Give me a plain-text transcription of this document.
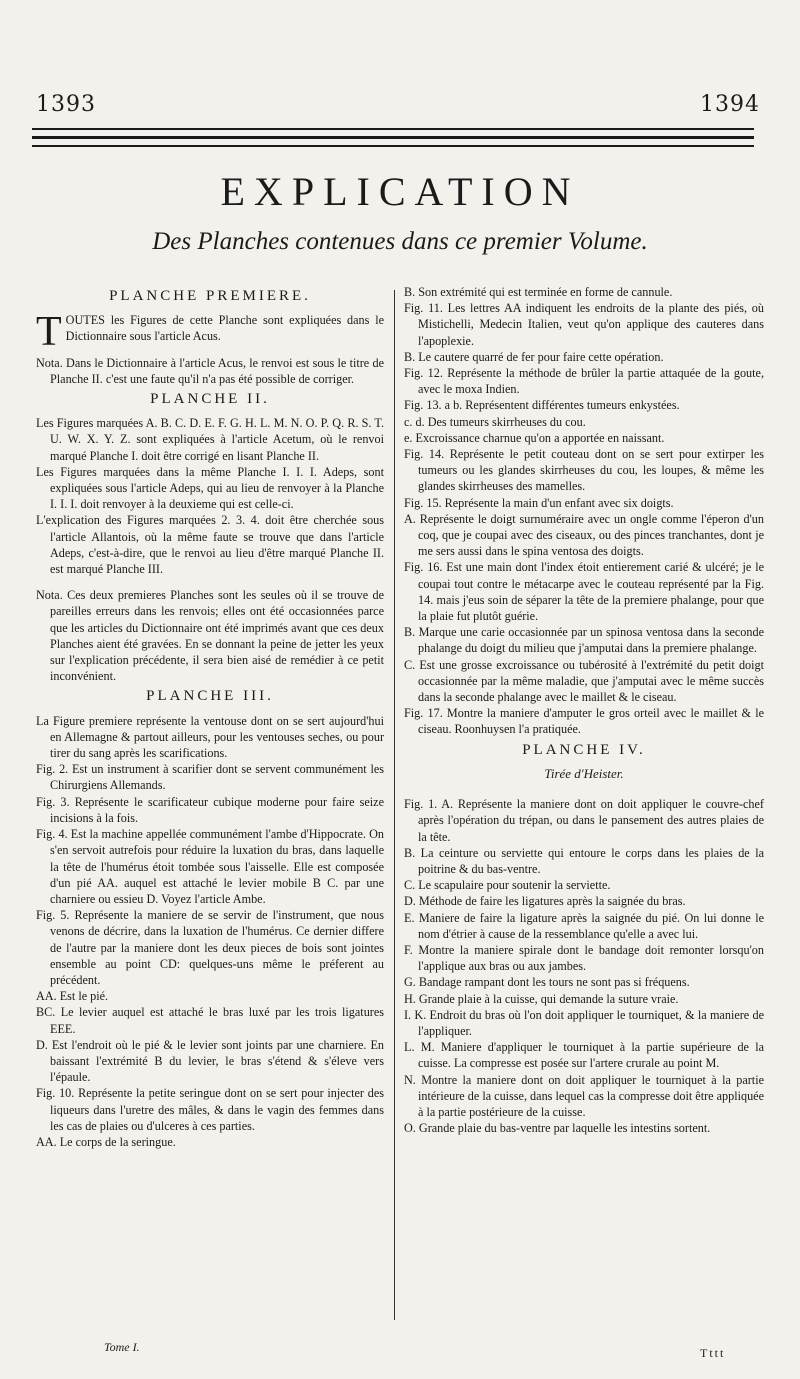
1393	1394
EXPLICATION
Des Planches contenues dans ce premier Volume.
PLANCHE PREMIERE.

TOUTES les Figures de cette Planche sont expliquées dans le Dictionnaire sous l'article Acus.

Nota. Dans le Dictionnaire à l'article Acus, le renvoi est sous le titre de Planche II. c'est une faute qu'il n'a pas été possible de corriger.

PLANCHE II.

Les Figures marquées A. B. C. D. E. F. G. H. L. M. N. O. P. Q. R. S. T. U. W. X. Y. Z. sont expliquées à l'article Acetum, où le renvoi marqué Planche I. doit être corrigé en lisant Planche II.

Les Figures marquées dans la même Planche I. I. I. Adeps, sont expliquées sous l'article Adeps, qui au lieu de renvoyer à la Planche I. I. I. doit renvoyer à la deuxieme qui est celle-ci.

L'explication des Figures marquées 2. 3. 4. doit être cherchée sous l'article Allantois, où la même faute se trouve que dans l'article Adeps, c'est-à-dire, que le renvoi au lieu d'être marqué Planche II. est marqué Planche III.

Nota. Ces deux premieres Planches sont les seules où il se trouve de pareilles erreurs dans les renvois; elles ont été occasionnées parce que les articles du Dictionnaire ont été imprimés avant que ces deux Planches aient été gravées. En se donnant la peine de jetter les yeux sur l'explication précédente, il sera bien aisé de remédier à ce petit inconvénient.

PLANCHE III.

La Figure premiere représente la ventouse dont on se sert aujourd'hui en Allemagne & partout ailleurs, pour les ventouses seches, ou pour tirer du sang après les scarifications.

Fig. 2. Est un instrument à scarifier dont se servent communément les Chirurgiens Allemands.

Fig. 3. Représente le scarificateur cubique moderne pour faire seize incisions à la fois.

Fig. 4. Est la machine appellée communément l'ambe d'Hippocrate. On s'en servoit autrefois pour réduire la luxation du bras, dans laquelle la tête de l'humérus étoit tombée sous l'aisselle. Elle est composée d'un pié AA. auquel est attaché le levier mobile B C. par une charniere ou essieu D. Voyez l'article Ambe.

Fig. 5. Représente la maniere de se servir de l'instrument, que nous venons de décrire, dans la luxation de l'humérus. Ce dernier differe de l'autre par la maniere dont les deux pieces de bois sont jointes ensemble au point CD: quelques-uns même le préferent au précédent.

AA. Est le pié.

BC. Le levier auquel est attaché le bras luxé par les trois ligatures EEE.

D. Est l'endroit où le pié & le levier sont joints par une charniere. En baissant l'extrémité B du levier, le bras s'étend & s'éleve vers l'épaule.

Fig. 10. Représente la petite seringue dont on se sert pour injecter des liqueurs dans l'uretre des mâles, & dans le vagin des femmes dans les cas de plaies ou d'ulceres à ces parties.

AA. Le corps de la seringue.

B. Son extrémité qui est terminée en forme de cannule.

Fig. 11. Les lettres AA indiquent les endroits de la plante des piés, où Mistichelli, Medecin Italien, veut qu'on applique des cauteres dans l'apoplexie.

B. Le cautere quarré de fer pour faire cette opération.

Fig. 12. Représente la méthode de brûler la partie attaquée de la goute, avec le moxa Indien.

Fig. 13. a b. Représentent différentes tumeurs enkystées.

c. d. Des tumeurs skirrheuses du cou.

e. Excroissance charnue qu'on a apportée en naissant.

Fig. 14. Représente le petit couteau dont on se sert pour extirper les tumeurs ou les glandes skirrheuses du cou, les loupes, & même les glandes skirrheuses des mamelles.

Fig. 15. Représente la main d'un enfant avec six doigts.

A. Représente le doigt surnuméraire avec un ongle comme l'éperon d'un coq, que je coupai avec des ciseaux, ou des pinces tranchantes, dont je me sers aussi dans le spina ventosa des doigts.

Fig. 16. Est une main dont l'index étoit entierement carié & ulcéré; je le coupai tout contre le métacarpe avec le couteau représenté par la Fig. 14. mais j'eus soin de séparer la tête de la premiere phalange, pour que la plaie fut plutôt guérie.

B. Marque une carie occasionnée par un spinosa ventosa dans la seconde phalange du doigt du milieu que j'amputai dans la premiere phalange.

C. Est une grosse excroissance ou tubérosité à l'extrémité du petit doigt occasionnée par la même maladie, que j'amputai avec le même succès dans la seconde phalange avec le maillet & le ciseau.

Fig. 17. Montre la maniere d'amputer le gros orteil avec le maillet & le ciseau. Roonhuysen l'a pratiquée.

PLANCHE IV.
Tirée d'Heister.

Fig. 1. A. Représente la maniere dont on doit appliquer le couvre-chef après l'opération du trépan, ou dans le pansement des autres plaies de la tête.

B. La ceinture ou serviette qui entoure le corps dans les plaies de la poitrine & du bas-ventre.

C. Le scapulaire pour soutenir la serviette.

D. Méthode de faire les ligatures après la saignée du bras.

E. Maniere de faire la ligature après la saignée du pié. On lui donne le nom d'étrier à cause de la ressemblance qu'elle a avec lui.

F. Montre la maniere spirale dont le bandage doit remonter lorsqu'on l'applique aux bras ou aux jambes.

G. Bandage rampant dont les tours ne sont pas si fréquens.

H. Grande plaie à la cuisse, qui demande la suture vraie.

I. K. Endroit du bras où l'on doit appliquer le tourniquet, & la maniere de l'appliquer.

L. M. Maniere d'appliquer le tourniquet à la partie supérieure de la cuisse. La compresse est posée sur l'artere crurale au point M.

N. Montre la maniere dont on doit appliquer le tourniquet à la partie intérieure de la cuisse, dans lequel cas la compresse doit être appliquée à la partie postérieure de la cuisse.

O. Grande plaie du bas-ventre par laquelle les intestins sortent.

Tome I.	Tttt
